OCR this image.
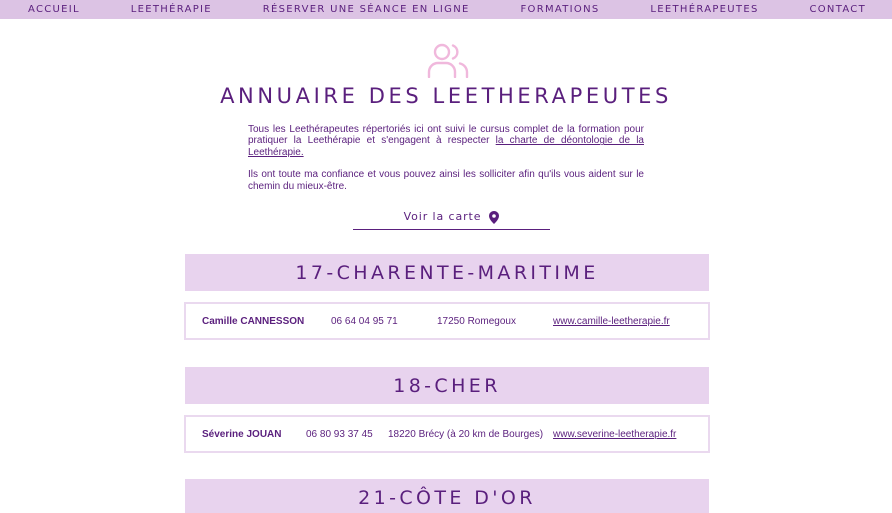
ACCUEIL	LEETHÉRAPIE	RÉSERVER UNE SÉANCE EN LIGNE	FORMATIONS	LEETHÉRAPEUTES	CONTACT
ANNUAIRE DES LEETHERAPEUTES

Tous les Leethérapeutes répertoriés ici ont suivi le cursus complet de la formation pour pratiquer la Leethérapie et s'engagent à respecter la charte de déontologie de la Leethérapie.

Ils ont toute ma confiance et vous pouvez ainsi les solliciter afin qu'ils vous aident sur le chemin du mieux-être.

Voir la carte
17-CHARENTE-MARITIME
Camille CANNESSON	06 64 04 95 71	17250 Romegoux	www.camille-leetherapie.fr
18-CHER
Séverine JOUAN 06 80 93 37 45 18220 Brécy (à 20 km de Bourges) www.severine-leetherapie.fr
21-CÔTE D'OR
